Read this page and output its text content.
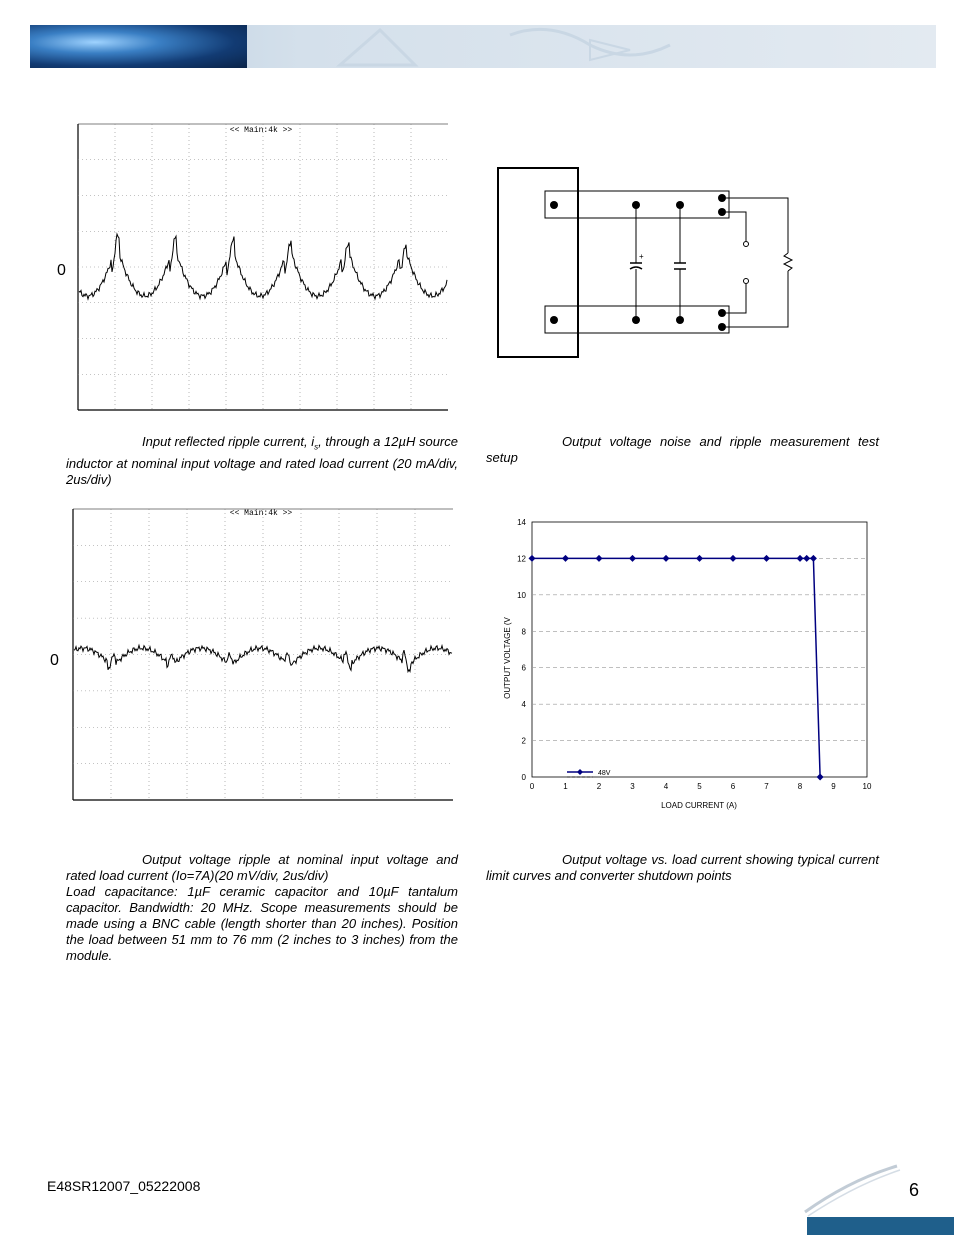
<< Main:4k >>
0
+

Input reflected ripple current, $i_s$, through a 12µH source inductor at nominal input voltage and rated load current (20 mA/div, 2us/div)

Output voltage noise and ripple measurement test setup

<< Main:4k >>
0
0
2
4
6
8
10
12
14
0	1	2	3	4	5	6	7	8	9	10
LOAD CURRENT (A)
OUTPUT VOLTAGE (V
48V

Output voltage ripple at nominal input voltage and rated load current (Io=7A)(20 mV/div, 2us/div)

Load capacitance: 1µF ceramic capacitor and 10µF tantalum capacitor. Bandwidth: 20 MHz. Scope measurements should be made using a BNC cable (length shorter than 20 inches). Position the load between 51 mm to 76 mm (2 inches to 3 inches) from the module.

Output voltage vs. load current showing typical current limit curves and converter shutdown points

E48SR12007_05222008	6
